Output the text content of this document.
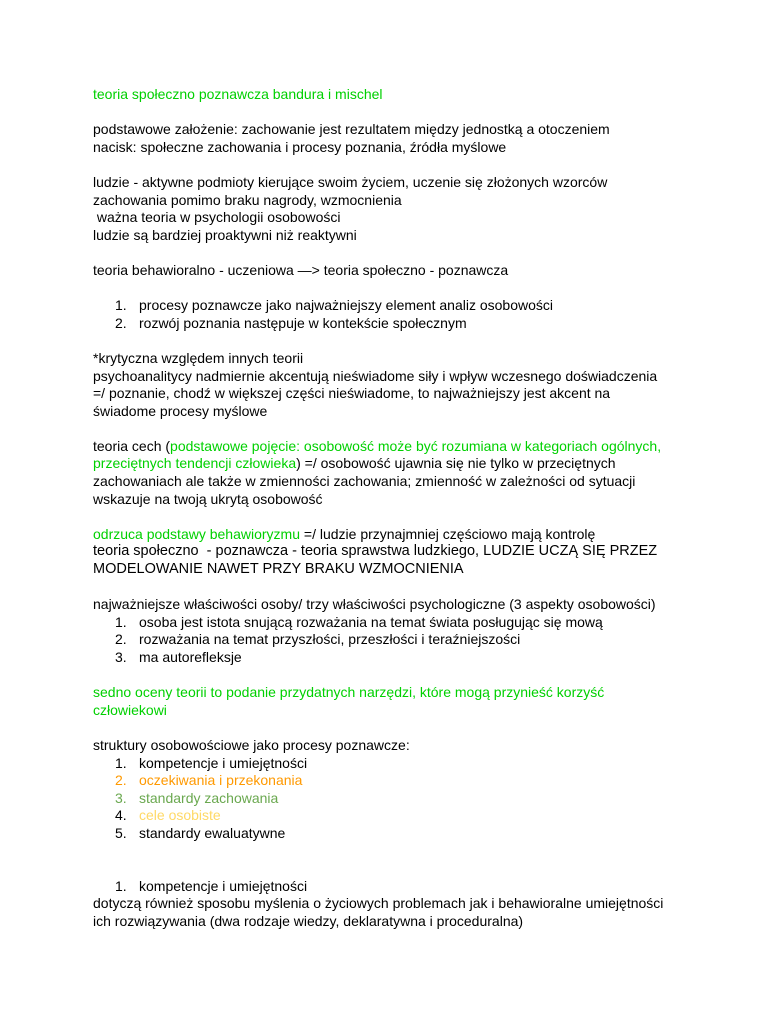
teoria społeczno poznawcza bandura i mischel
podstawowe założenie: zachowanie jest rezultatem między jednostką a otoczeniem
nacisk: społeczne zachowania i procesy poznania, źródła myślowe
ludzie - aktywne podmioty kierujące swoim życiem, uczenie się złożonych wzorców
zachowania pomimo braku nagrody, wzmocnienia
ważna teoria w psychologii osobowości
ludzie są bardziej proaktywni niż reaktywni
teoria behawioralno - uczeniowa —> teoria społeczno - poznawcza
1. procesy poznawcze jako najważniejszy element analiz osobowości
2. rozwój poznania następuje w kontekście społecznym
*krytyczna względem innych teorii
psychoanalitycy nadmiernie akcentują nieświadome siły i wpływ wczesnego doświadczenia
=/ poznanie, chodź w większej części nieświadome, to najważniejszy jest akcent na
świadome procesy myślowe
teoria cech (podstawowe pojęcie: osobowość może być rozumiana w kategoriach ogólnych,
przeciętnych tendencji człowieka) =/ osobowość ujawnia się nie tylko w przeciętnych
zachowaniach ale także w zmienności zachowania; zmienność w zależności od sytuacji
wskazuje na twoją ukrytą osobowość
odrzuca podstawy behawioryzmu =/ ludzie przynajmniej częściowo mają kontrolę
teoria społeczno  - poznawcza - teoria sprawstwa ludzkiego, LUDZIE UCZĄ SIĘ PRZEZ
MODELOWANIE NAWET PRZY BRAKU WZMOCNIENIA
najważniejsze właściwości osoby/ trzy właściwości psychologiczne (3 aspekty osobowości)
1. osoba jest istota snującą rozważania na temat świata posługując się mową
2. rozważania na temat przyszłości, przeszłości i teraźniejszości
3. ma autorefleksje
sedno oceny teorii to podanie przydatnych narzędzi, które mogą przynieść korzyść
człowiekowi
struktury osobowościowe jako procesy poznawcze:
1. kompetencje i umiejętności
2. oczekiwania i przekonania
3. standardy zachowania
4. cele osobiste
5. standardy ewaluatywne
1. kompetencje i umiejętności
dotyczą również sposobu myślenia o życiowych problemach jak i behawioralne umiejętności
ich rozwiązywania (dwa rodzaje wiedzy, deklaratywna i proceduralna)
